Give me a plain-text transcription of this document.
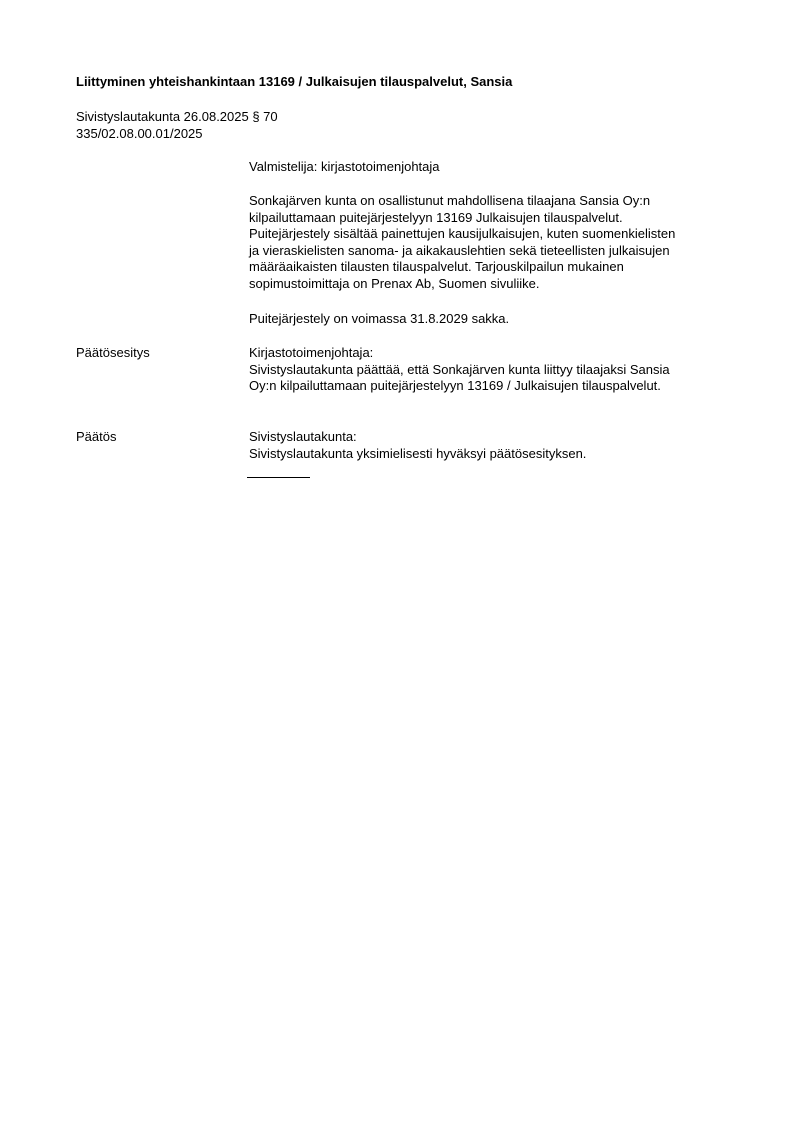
Liittyminen yhteishankintaan 13169 / Julkaisujen tilauspalvelut, Sansia
Sivistyslautakunta 26.08.2025 § 70
335/02.08.00.01/2025
Valmistelija: kirjastotoimenjohtaja
Sonkajärven kunta on osallistunut mahdollisena tilaajana Sansia Oy:n
kilpailuttamaan puitejärjestelyyn 13169 Julkaisujen tilauspalvelut.
Puitejärjestely sisältää painettujen kausijulkaisujen, kuten suomenkielisten
ja vieraskielisten sanoma- ja aikakauslehtien sekä tieteellisten julkaisujen
määräaikaisten tilausten tilauspalvelut. Tarjouskilpailun mukainen
sopimustoimittaja on Prenax Ab, Suomen sivuliike.
Puitejärjestely on voimassa 31.8.2029 sakka.
Päätösesitys	Kirjastotoimenjohtaja:
Sivistyslautakunta päättää, että Sonkajärven kunta liittyy tilaajaksi Sansia
Oy:n kilpailuttamaan puitejärjestelyyn 13169 / Julkaisujen tilauspalvelut.
Päätös	Sivistyslautakunta:
Sivistyslautakunta yksimielisesti hyväksyi päätösesityksen.
